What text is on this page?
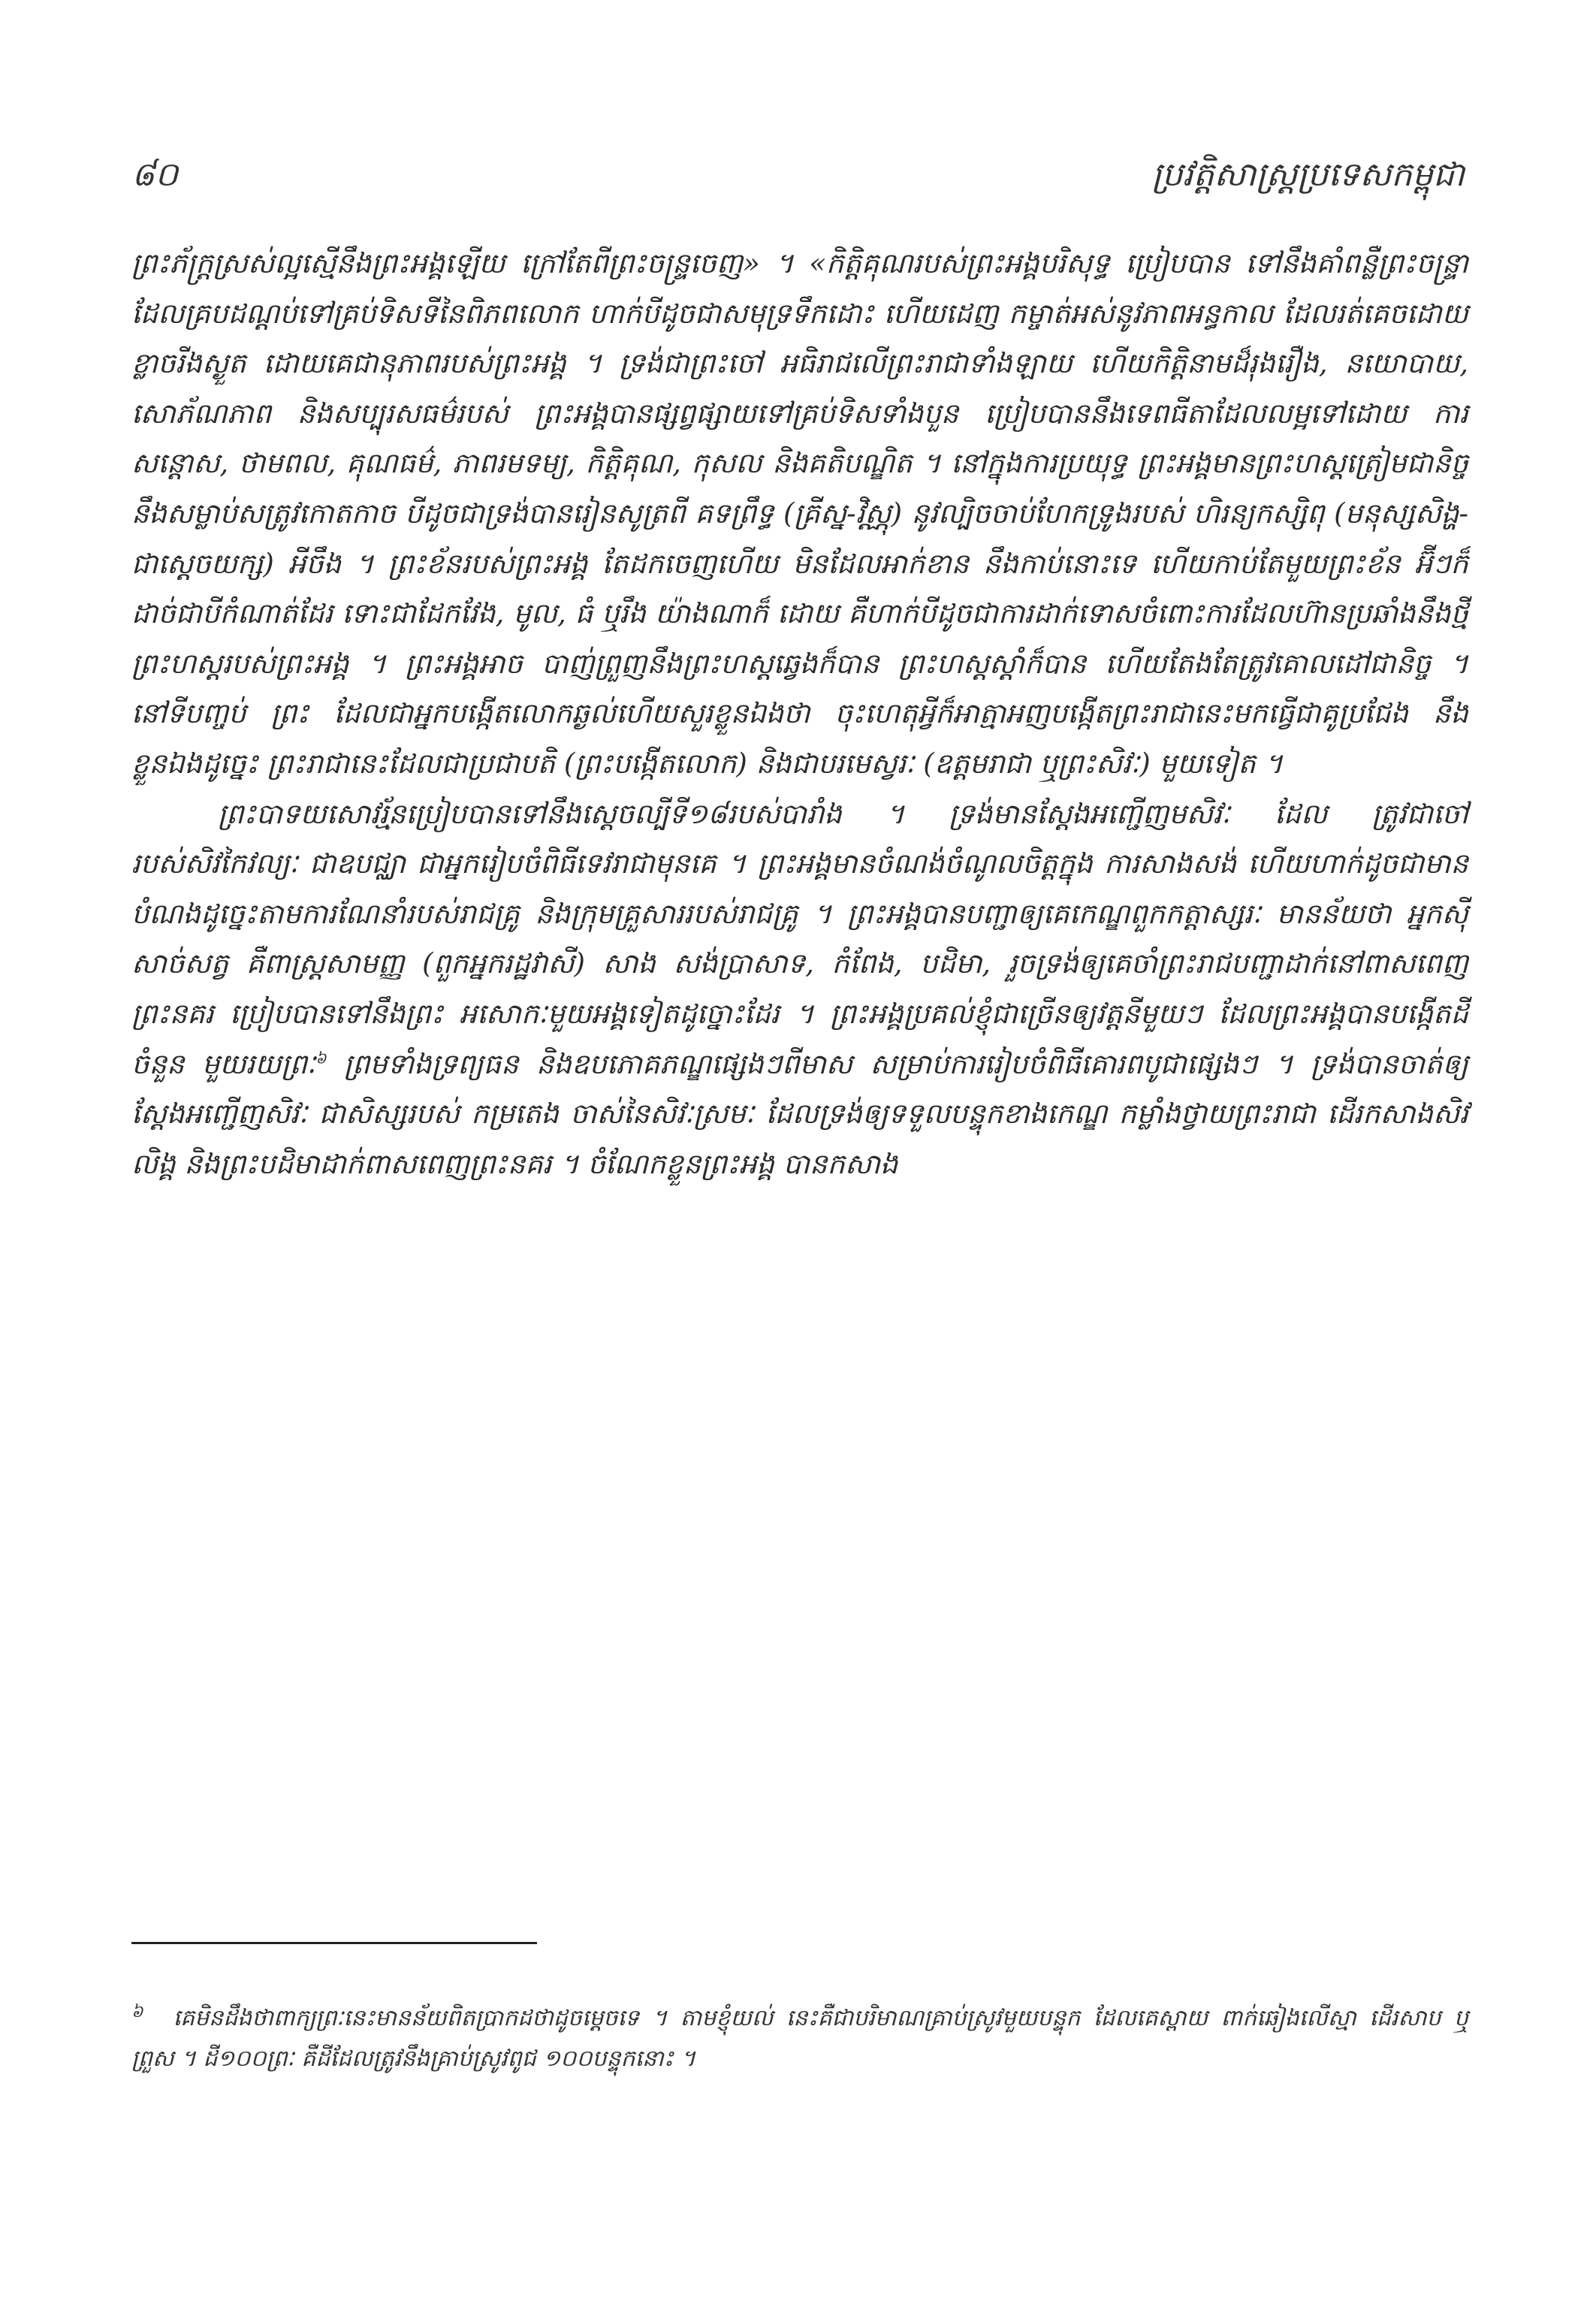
៨០	ប្រវត្តិសាស្ត្រប្រទេសកម្ពុជា

ព្រះភ័ក្ត្រស្រស់ល្អស្មើនឹងព្រះអង្គឡើយ ក្រៅតែពីព្រះចន្ទ្រចេញ» ។ «កិត្តិគុណរបស់ព្រះអង្គបរិសុទ្ធ ប្រៀបបាន ទៅនឹងគាំពន្លឺព្រះចន្ទ្រា ដែលគ្របដណ្ដប់ទៅគ្រប់ទិសទីនៃពិភពលោក ហាក់បីដូចជាសមុទ្រទឹកដោះ ហើយដេញ កម្ចាត់អស់នូវភាពអន្ធកាល ដែលរត់គេចដោយខ្លាចរីងស្ងួត ដោយគេជានុភាពរបស់ព្រះអង្គ ។ ទ្រង់ជាព្រះចៅ អធិរាជលើព្រះរាជាទាំងឡាយ ហើយកិត្តិនាមដ៏រុងរឿង, នយោបាយ, សោភ័ណភាព និងសប្បុរសធម៌របស់ ព្រះអង្គបានផ្សព្វផ្សាយទៅគ្រប់ទិសទាំងបួន ប្រៀបបាននឹងទេពធីតាដែលលម្អទៅដោយ ការសន្តោស, ថាមពល, គុណធម៌, ភាពរមទម្យ, កិត្តិគុណ, កុសល និងគតិបណ្ឌិត ។ នៅក្នុងការប្រយុទ្ធ ព្រះអង្គមានព្រះហស្តត្រៀមជានិច្ច នឹងសម្លាប់សត្រូវកោតកាច បីដូចជាទ្រង់បានរៀនសូត្រពី គទព្រឹទ្ធ (គ្រីស្ន-វិស្ណុ) នូវល្បិចចាប់ហែកទ្រូងរបស់ ហិរន្យកស្សិពុ (មនុស្សសិង្ហ-ជាស្ដេចយក្ស) អីចឹង ។ ព្រះខ័នរបស់ព្រះអង្គ តែដកចេញហើយ មិនដែលអាក់ខាន នឹងកាប់នោះទេ ហើយកាប់តែមួយព្រះខ័ន អ៊ីៗក៏ដាច់ជាបីកំណាត់ដែរ ទោះជាដែកវែង, មូល, ធំ ឬរឹង យ៉ាងណាក៏ ដោយ គឺហាក់បីដូចជាការដាក់ទោសចំពោះការដែលហ៊ានប្រឆាំងនឹងថ្មីព្រះហស្តរបស់ព្រះអង្គ ។ ព្រះអង្គអាច បាញ់ព្រួញនឹងព្រះហស្តឆ្វេងក៏បាន ព្រះហស្តស្ដាំក៏បាន ហើយតែងតែត្រូវគោលដៅជានិច្ច ។ នៅទីបញ្ចប់ ព្រះ ដែលជាអ្នកបង្កើតលោកឆ្ងល់ហើយសួរខ្លួនឯងថា ចុះហេតុអ្វីក៏អាត្មាអញបង្កើតព្រះរាជានេះមកធ្វើជាគូប្រជែង នឹងខ្លួនឯងដូច្នេះ ព្រះរាជានេះដែលជាប្រជាបតិ (ព្រះបង្កើតលោក) និងជាបរមេស្វរៈ (ឧត្ដមរាជា ឬព្រះសិវៈ) មួយទៀត ។

ព្រះបាទយសោវរ្ម័នប្រៀបបានទៅនឹងស្ដេចល្បីទី១៨របស់បារាំង ។ ទ្រង់មានស្ដែងអញ្ជើញមសិវៈ ដែល ត្រូវជាចៅរបស់សិវកៃវល្យៈ ជាឧបជ្ឈា ជាអ្នករៀបចំពិធីទេវរាជាមុនគេ ។ ព្រះអង្គមានចំណង់ចំណូលចិត្តក្នុង ការសាងសង់ ហើយហាក់ដូចជាមានបំណងដូច្នេះតាមការណែនាំរបស់រាជគ្រូ និងក្រុមគ្រួសាររបស់រាជគ្រូ ។ ព្រះអង្គបានបញ្ជាឲ្យគេកេណ្ឌពួកកត្តាស្សរៈ មានន័យថា អ្នកស៊ីសាច់សត្វ គឺពាស្ត្រសាមញ្ញ (ពួកអ្នករដ្ឋវាសី) សាង សង់ប្រាសាទ, កំពែង, បដិមា, រួចទ្រង់ឲ្យគេចាំព្រះរាជបញ្ជាដាក់នៅពាសពេញព្រះនគរ ប្រៀបបានទៅនឹងព្រះ អសោកៈមួយអង្គទៀតដូច្នោះដែរ ។ ព្រះអង្គប្រគល់ខ្ញុំជាច្រើនឲ្យវត្តនីមួយៗ ដែលព្រះអង្គបានបង្កើតដីចំនួន មួយរយព្រៈ$^៦$ ព្រមទាំងទ្រព្យធន និងឧបភោគភណ្ឌផ្សេងៗពីមាស សម្រាប់ការរៀបចំពិធីគោរពបូជាផ្សេងៗ ។ ទ្រង់បានចាត់ឲ្យស្ដែងអញ្ជើញសិវៈ ជាសិស្សរបស់ កម្រតេង ចាស់នៃសិវៈស្រមៈ ដែលទ្រង់ឲ្យទទួលបន្ទុកខាងកេណ្ឌ កម្លាំងថ្វាយព្រះរាជា ដើរកសាងសិវលិង្គ និងព្រះបដិមាដាក់ពាសពេញព្រះនគរ ។ ចំណែកខ្លួនព្រះអង្គ បានកសាង

$^៦$ គេមិនដឹងថាពាក្យព្រៈនេះមានន័យពិតប្រាកដថាដូចម្ដេចទេ ។ តាមខ្ញុំយល់ នេះគឺជាបរិមាណគ្រាប់ស្រូវមួយបន្ទុក ដែលគេស្ពាយ ពាក់ឆៀងលើស្មា ដើរសាប ឬព្រួស ។ ដី១០០ព្រៈ គឺដីដែលត្រូវនឹងគ្រាប់ស្រូវពូជ ១០០បន្ទុកនោះ ។
